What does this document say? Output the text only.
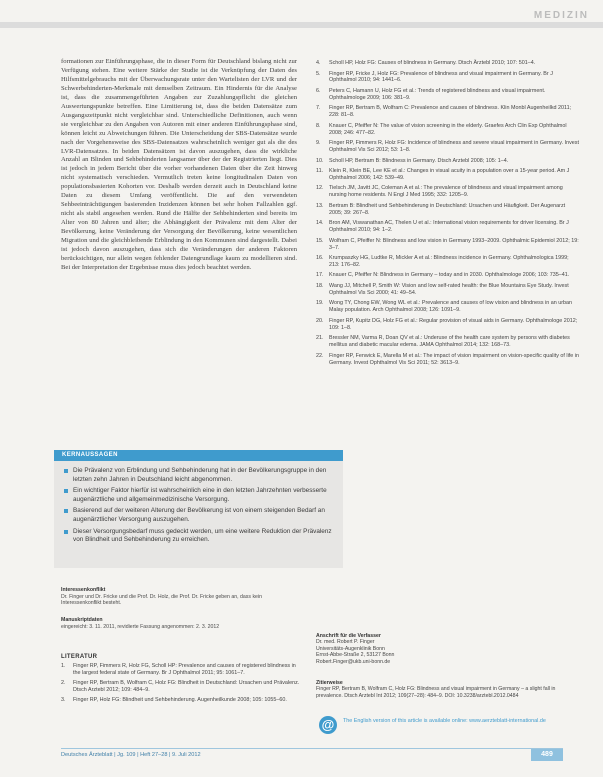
MEDIZIN

formationen zur Einführungsphase, die in dieser Form für Deutschland bislang nicht zur Verfügung stehen. Eine weitere Stärke der Studie ist die Verknüpfung der Daten des Hilfsmittelgebrauchs mit der Überwachungsrate unter den Wartelisten der LVR und der Schwerbehinderten-Merkmale mit demselben Zeitraum. Ein Hindernis für die Analyse ist, dass die zusammengeführten Angaben zur Zuzahlungspflicht die gleichen Auswertungspunkte betreffen. Eine Limitierung ist, dass die beiden Datensätze zum Ausgangszeitpunkt nicht vergleichbar sind. Unterschiedliche Definitionen, auch wenn sie vergleichbar zu den Angaben von Autoren mit einer anderen Einführungsphase sind, können leicht zu Abweichungen führen. Die Unterscheidung der SBS-Datensätze wurde nach der Vorgehensweise des SBS-Datensatzes wahrscheinlich weniger gut als die des LVR-Datensatzes. In beiden Datensätzen ist davon auszugehen, dass die wirkliche Anzahl an Blinden und Sehbehinderten langsamer über der der Registrierten liegt. Dies ist jedoch in jedem Bericht über die vorher vorhandenen Daten über die Zeit hinweg nicht systematisch verschieden. Vermutlich treten keine longitudinalen Daten von populationsbasierten Kohorten vor. Deshalb werden derzeit auch in Deutschland keine Daten zu diesem Umfang veröffentlicht. Die auf den verwendeten Sehbeeinträchtigungen basierenden Inzidenzen können bei sehr hohen Fallzahlen ggf. nicht als stabil angesehen werden. Rund die Hälfte der Sehbehinderten sind bereits im Alter von 80 Jahren und älter; die Abhängigkeit der Prävalenz mit dem Alter der Bevölkerung, keine Veränderung der Versorgung der Bevölkerung, keine wesentlichen Migration und die gleichbleibende Erblindung in den Kommunen sind dargestellt. Dabei ist jedoch davon auszugehen, dass sich die Veränderungen der anderen Faktoren berücksichtigen, nur allein wegen fehlender Datengrundlage kaum zu modellieren sind. Bei der Interpretation der Ergebnisse muss dies jedoch beachtet werden.

KERNAUSSAGEN
Die Prävalenz von Erblindung und Sehbehinderung hat in der Bevölkerungsgruppe in den letzten zehn Jahren in Deutschland leicht abgenommen.
Ein wichtiger Faktor hierfür ist wahrscheinlich eine in den letzten Jahrzehnten verbesserte augenärztliche und allgemeinmedizinische Versorgung.
Basierend auf der weiteren Alterung der Bevölkerung ist von einem steigenden Bedarf an augenärztlicher Versorgung auszugehen.
Dieser Versorgungsbedarf muss gedeckt werden, um eine weitere Reduktion der Prävalenz von Blindheit und Sehbehinderung zu erreichen.
Interessenkonflikt
Dr. Finger und Dr. Fricke und die Prof. Dr. Holz, die Prof. Dr. Fricke geben an, dass kein Interessenkonflikt besteht.
Manuskriptdaten
eingereicht: 3. 11. 2011, revidierte Fassung angenommen: 2. 3. 2012
LITERATUR
1.	Finger RP, Fimmers R, Holz FG, Scholl HP: Prevalence and causes of registered blindness in the largest federal state of Germany. Br J Ophthalmol 2011; 95: 1061–7.
2.	Finger RP, Bertram B, Wolfram C, Holz FG: Blindheit in Deutschland: Ursachen und Prävalenz. Dtsch Arztebl 2012; 109: 484–9.
3.	Finger RP, Holz FG: Blindheit und Sehbehinderung. Augenheilkunde 2008; 105: 1055–60.
4.	Scholl HP, Holz FG: Causes of blindness in Germany. Dtsch Ärztebl 2010; 107: 501–4.
5.	Finger RP, Fricke J, Holz FG: Prevalence of blindness and visual impairment in Germany. Br J Ophthalmol 2010; 94: 1441–6.
6.	Peters C, Hamann U, Holz FG et al.: Trends of registered blindness and visual impairment. Ophthalmologe 2009; 106: 381–9.
7.	Finger RP, Bertram B, Wolfram C: Prevalence and causes of blindness. Klin Monbl Augenheilkd 2011; 228: 81–8.
8.	Knauer C, Pfeiffer N: The value of vision screening in the elderly. Graefes Arch Clin Exp Ophthalmol 2008; 246: 477–82.
9.	Finger RP, Fimmers R, Holz FG: Incidence of blindness and severe visual impairment in Germany. Invest Ophthalmol Vis Sci 2012; 53: 1–8.
10.	Scholl HP, Bertram B: Blindness in Germany. Dtsch Arztebl 2008; 105: 1–4.
11.	Klein R, Klein BE, Lee KE et al.: Changes in visual acuity in a population over a 15-year period. Am J Ophthalmol 2006; 142: 539–49.
12.	Tielsch JM, Javitt JC, Coleman A et al.: The prevalence of blindness and visual impairment among nursing home residents. N Engl J Med 1995; 332: 1205–9.
13.	Bertram B: Blindheit und Sehbehinderung in Deutschland: Ursachen und Häufigkeit. Der Augenarzt 2005; 39: 267–8.
14.	Bron AM, Viswanathan AC, Thelen U et al.: International vision requirements for driver licensing. Br J Ophthalmol 2010; 94: 1–2.
15.	Wolfram C, Pfeiffer N: Blindness and low vision in Germany 1993–2009. Ophthalmic Epidemiol 2012; 19: 3–7.
16.	Krumpaszky HG, Ludtke R, Mickler A et al.: Blindness incidence in Germany. Ophthalmologica 1999; 213: 176–82.
17.	Knauer C, Pfeiffer N: Blindness in Germany – today and in 2030. Ophthalmologe 2006; 103: 735–41.
18.	Wang JJ, Mitchell P, Smith W: Vision and low self-rated health: the Blue Mountains Eye Study. Invest Ophthalmol Vis Sci 2000; 41: 49–54.
19.	Wong TY, Chong EW, Wong WL et al.: Prevalence and causes of low vision and blindness in an urban Malay population. Arch Ophthalmol 2008; 126: 1091–9.
20.	Finger RP, Kupitz DG, Holz FG et al.: Regular provision of visual aids in Germany. Ophthalmologe 2012; 109: 1–8.
21.	Bressler NM, Varma R, Doan QV et al.: Underuse of the health care system by persons with diabetes mellitus and diabetic macular edema. JAMA Ophthalmol 2014; 132: 168–73.
22.	Finger RP, Fenwick E, Marella M et al.: The impact of vision impairment on vision-specific quality of life in Germany. Invest Ophthalmol Vis Sci 2011; 52: 3613–9.
Anschrift für die Verfasser
Dr. med. Robert P. Finger
Universitäts-Augenklinik Bonn
Ernst-Abbe-Straße 2, 53127 Bonn
Robert.Finger@ukb.uni-bonn.de
Zitierweise
Finger RP, Bertram B, Wolfram C, Holz FG: Blindness and visual impairment in Germany – a slight fall in prevalence. Dtsch Arztebl Int 2012; 109(27–28): 484–9. DOI: 10.3238/arztebl.2012.0484
@	The English version of this article is available online: www.aerzteblatt-international.de
Deutsches Ärzteblatt | Jg. 109 | Heft 27–28 | 9. Juli 2012	489
